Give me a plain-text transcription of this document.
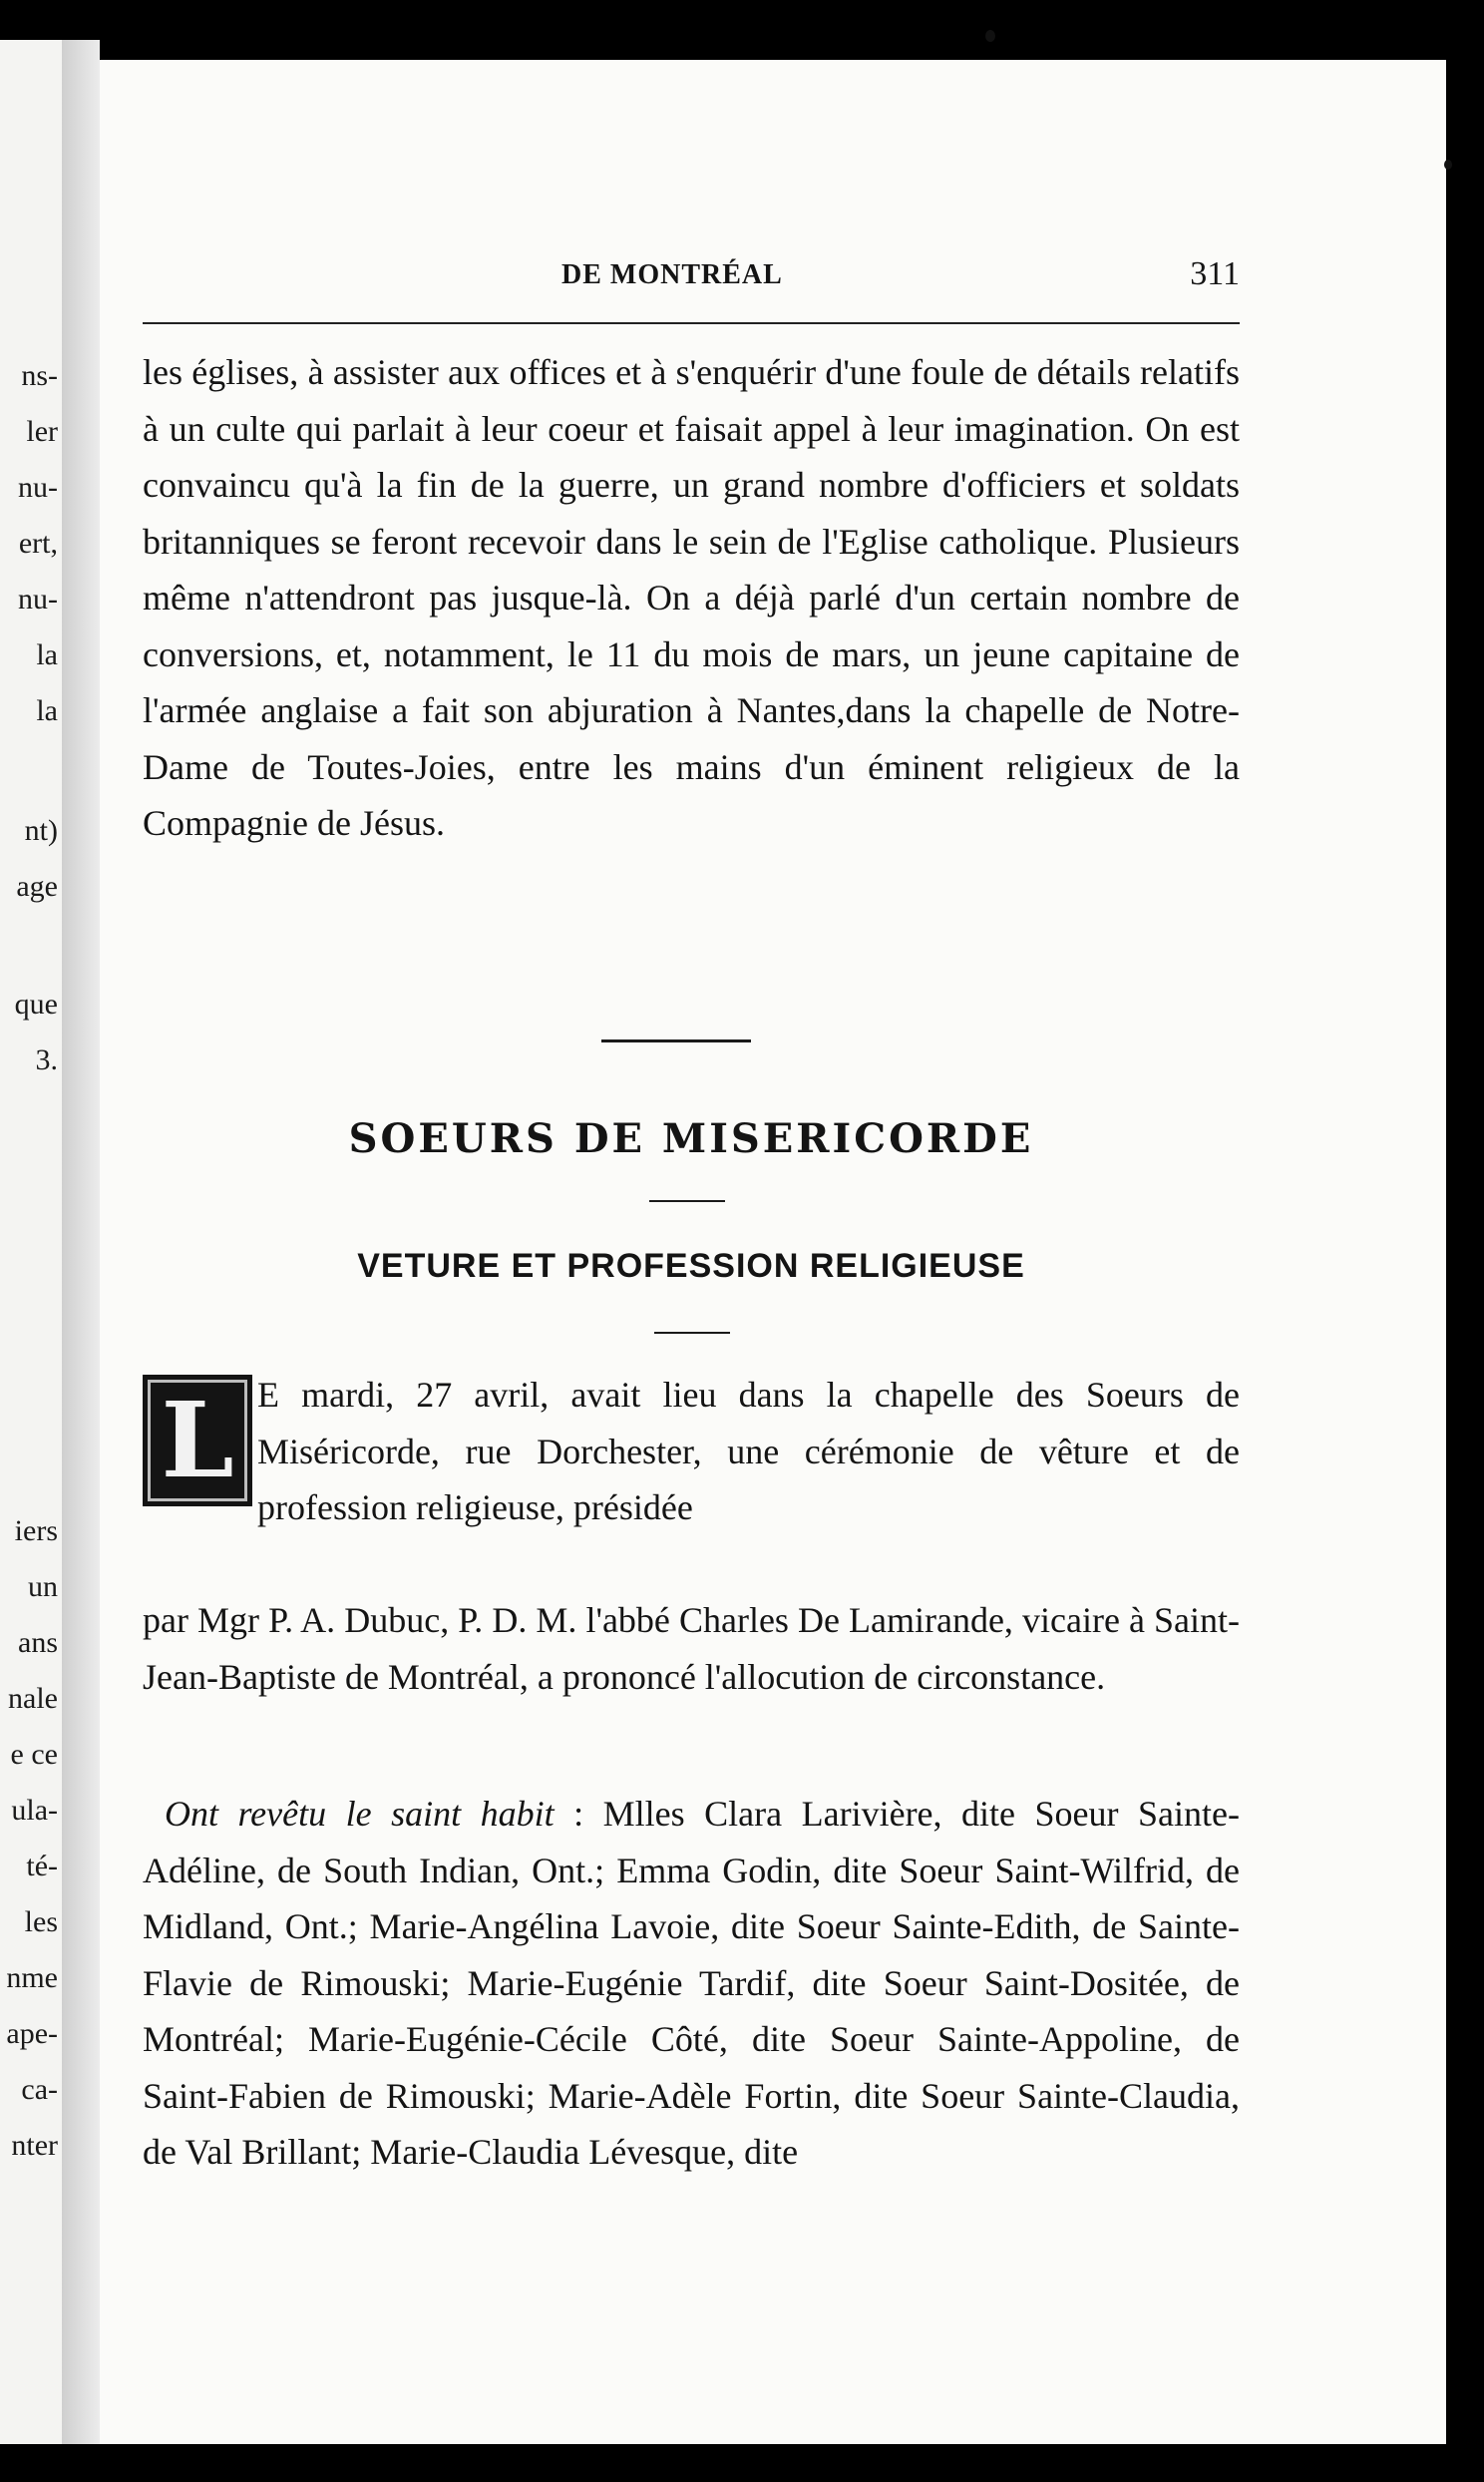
ns-
ler
nu-
ert,
nu-
la
la
nt)
age
que
3.
iers
un
ans
nale
e ce
ula-
té-
les
nme
ape-
ca-
nter
DE MONTRÉAL	311

les églises, à assister aux offices et à s'enquérir d'une foule de détails relatifs à un culte qui parlait à leur coeur et faisait appel à leur imagination. On est convaincu qu'à la fin de la guerre, un grand nombre d'officiers et soldats britanniques se feront recevoir dans le sein de l'Eglise catholique. Plusieurs même n'attendront pas jusque-là. On a déjà parlé d'un certain nombre de conversions, et, notamment, le 11 du mois de mars, un jeune capitaine de l'armée anglaise a fait son abjuration à Nantes,dans la chapelle de Notre-Dame de Toutes-Joies, entre les mains d'un éminent religieux de la Compagnie de Jésus.

SOEURS DE MISERICORDE
VETURE ET PROFESSION RELIGIEUSE
L E mardi, 27 avril, avait lieu dans la chapelle des Soeurs de Miséricorde, rue Dorchester, une cérémonie de vêture et de profession religieuse, présidée

par Mgr P. A. Dubuc, P. D. M. l'abbé Charles De Lamirande, vicaire à Saint-Jean-Baptiste de Montréal, a prononcé l'allocution de circonstance.

Ont revêtu le saint habit : Mlles Clara Larivière, dite Soeur Sainte-Adéline, de South Indian, Ont.; Emma Godin, dite Soeur Saint-Wilfrid, de Midland, Ont.; Marie-Angélina Lavoie, dite Soeur Sainte-Edith, de Sainte-Flavie de Rimouski; Marie-Eugénie Tardif, dite Soeur Saint-Dositée, de Montréal; Marie-Eugénie-Cécile Côté, dite Soeur Sainte-Appoline, de Saint-Fabien de Rimouski; Marie-Adèle Fortin, dite Soeur Sainte-Claudia, de Val Brillant; Marie-Claudia Lévesque, dite
